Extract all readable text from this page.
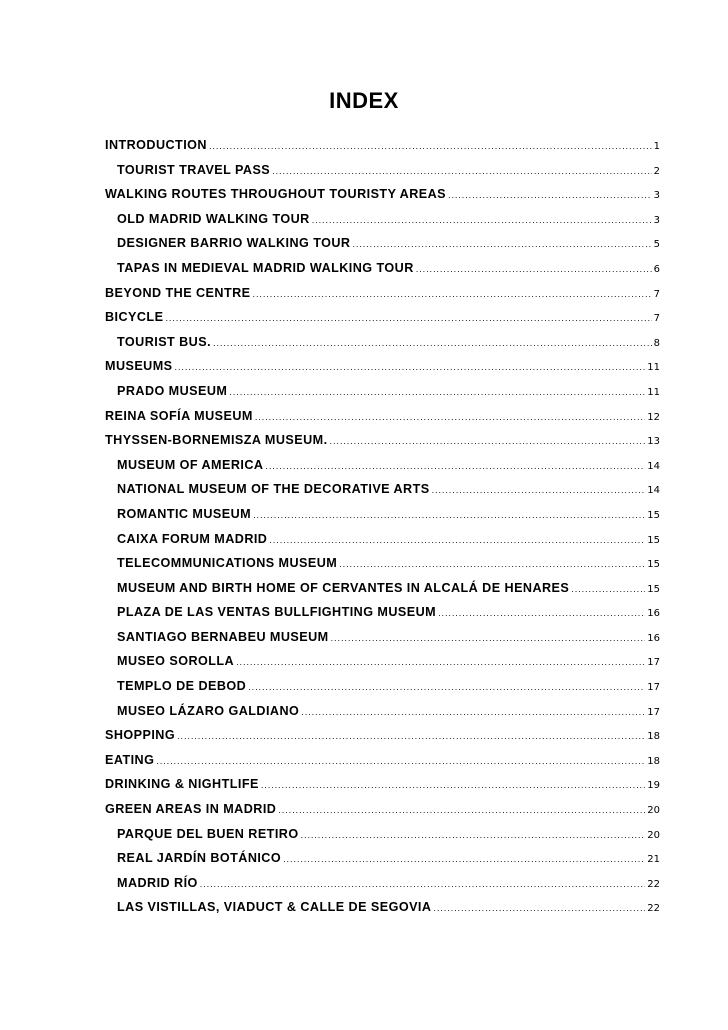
INDEX
INTRODUCTION .....	1
TOURIST TRAVEL PASS .....	2
WALKING ROUTES THROUGHOUT TOURISTY AREAS .....	3
OLD MADRID WALKING TOUR .....	3
DESIGNER BARRIO WALKING TOUR .....	5
TAPAS IN MEDIEVAL MADRID WALKING TOUR .....	6
BEYOND THE CENTRE .....	7
BICYCLE .....	7
TOURIST BUS. .....	8
MUSEUMS .....	11
PRADO MUSEUM .....	11
REINA SOFÍA MUSEUM .....	12
THYSSEN-BORNEMISZA MUSEUM. .....	13
MUSEUM OF AMERICA .....	14
NATIONAL MUSEUM OF THE DECORATIVE ARTS .....	14
ROMANTIC MUSEUM .....	15
CAIXA FORUM MADRID .....	15
TELECOMMUNICATIONS MUSEUM .....	15
MUSEUM AND BIRTH HOME OF CERVANTES IN ALCALÁ DE HENARES .....	15
PLAZA DE LAS VENTAS BULLFIGHTING MUSEUM .....	16
SANTIAGO BERNABEU MUSEUM .....	16
MUSEO SOROLLA .....	17
TEMPLO DE DEBOD .....	17
MUSEO LÁZARO GALDIANO .....	17
SHOPPING .....	18
EATING .....	18
DRINKING & NIGHTLIFE .....	19
GREEN AREAS IN MADRID .....	20
PARQUE DEL BUEN RETIRO .....	20
REAL JARDÍN BOTÁNICO .....	21
MADRID RÍO .....	22
LAS VISTILLAS, VIADUCT & CALLE DE SEGOVIA .....	22
